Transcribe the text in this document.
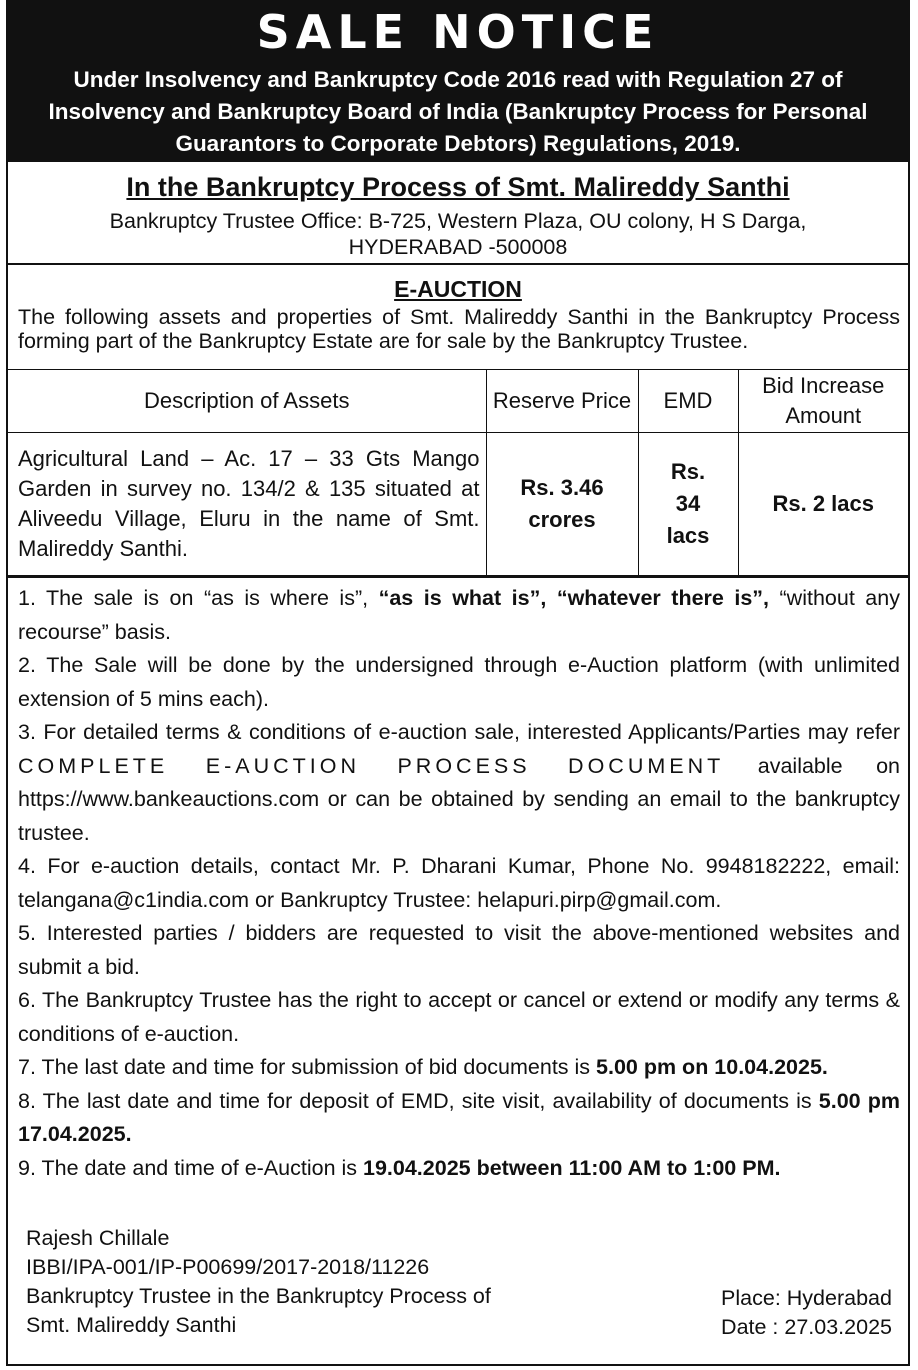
SALE NOTICE
Under Insolvency and Bankruptcy Code 2016 read with Regulation 27 of
Insolvency and Bankruptcy Board of India (Bankruptcy Process for Personal
Guarantors to Corporate Debtors) Regulations, 2019.
In the Bankruptcy Process of Smt. Malireddy Santhi
Bankruptcy Trustee Office: B-725, Western Plaza, OU colony, H S Darga,
HYDERABAD -500008
E-AUCTION
The following assets and properties of Smt. Malireddy Santhi in the Bankruptcy Process forming part of the Bankruptcy Estate are for sale by the Bankruptcy Trustee.
Description of Assets	Reserve Price	EMD	Bid Increase Amount
Agricultural Land – Ac. 17 – 33 Gts Mango Garden in survey no. 134/2 & 135 situated at Aliveedu Village, Eluru in the name of Smt. Malireddy Santhi.	Rs. 3.46 crores	Rs. 34 lacs	Rs. 2 lacs

1. The sale is on “as is where is”, “as is what is”, “whatever there is”, “without any recourse” basis.

2. The Sale will be done by the undersigned through e-Auction platform (with unlimited extension of 5 mins each).

3. For detailed terms & conditions of e-auction sale, interested Applicants/Parties may refer COMPLETE E-AUCTION PROCESS DOCUMENT available on https://www.bankeauctions.com or can be obtained by sending an email to the bankruptcy trustee.

4. For e-auction details, contact Mr. P. Dharani Kumar, Phone No. 9948182222, email: telangana@c1india.com or Bankruptcy Trustee: helapuri.pirp@gmail.com.

5. Interested parties / bidders are requested to visit the above-mentioned websites and submit a bid.

6. The Bankruptcy Trustee has the right to accept or cancel or extend or modify any terms & conditions of e-auction.

7. The last date and time for submission of bid documents is 5.00 pm on 10.04.2025.

8. The last date and time for deposit of EMD, site visit, availability of documents is 5.00 pm 17.04.2025.

9. The date and time of e-Auction is 19.04.2025 between 11:00 AM to 1:00 PM.

Rajesh Chillale
IBBI/IPA-001/IP-P00699/2017-2018/11226
Bankruptcy Trustee in the Bankruptcy Process of
Smt. Malireddy Santhi
Place: Hyderabad
Date : 27.03.2025
